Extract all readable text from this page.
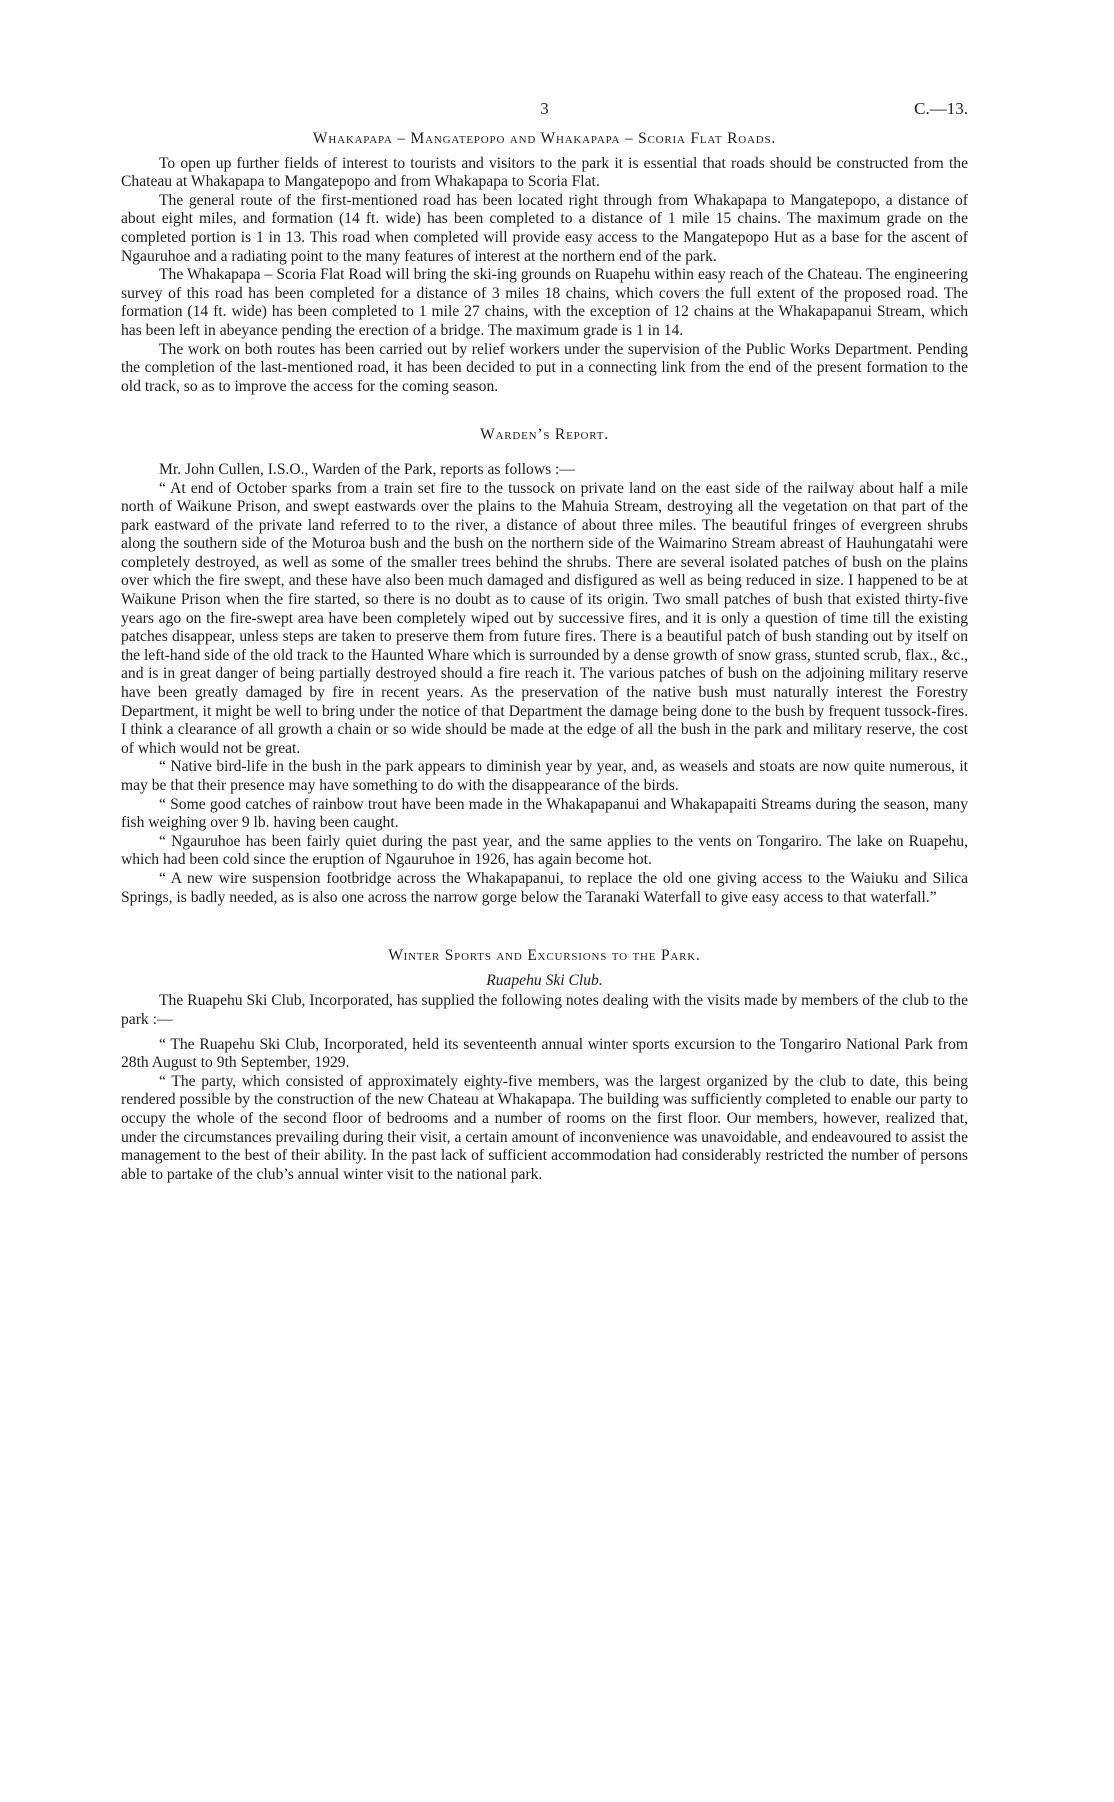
3	C.—13.
Whakapapa – Mangatepopo and Whakapapa – Scoria Flat Roads.

To open up further fields of interest to tourists and visitors to the park it is essential that roads should be constructed from the Chateau at Whakapapa to Mangatepopo and from Whakapapa to Scoria Flat.

The general route of the first-mentioned road has been located right through from Whakapapa to Mangatepopo, a distance of about eight miles, and formation (14 ft. wide) has been completed to a distance of 1 mile 15 chains. The maximum grade on the completed portion is 1 in 13. This road when completed will provide easy access to the Mangatepopo Hut as a base for the ascent of Ngauruhoe and a radiating point to the many features of interest at the northern end of the park.

The Whakapapa – Scoria Flat Road will bring the ski-ing grounds on Ruapehu within easy reach of the Chateau. The engineering survey of this road has been completed for a distance of 3 miles 18 chains, which covers the full extent of the proposed road. The formation (14 ft. wide) has been completed to 1 mile 27 chains, with the exception of 12 chains at the Whakapapanui Stream, which has been left in abeyance pending the erection of a bridge. The maximum grade is 1 in 14.

The work on both routes has been carried out by relief workers under the supervision of the Public Works Department. Pending the completion of the last-mentioned road, it has been decided to put in a connecting link from the end of the present formation to the old track, so as to improve the access for the coming season.

Warden’s Report.

Mr. John Cullen, I.S.O., Warden of the Park, reports as follows :—

“ At end of October sparks from a train set fire to the tussock on private land on the east side of the railway about half a mile north of Waikune Prison, and swept eastwards over the plains to the Mahuia Stream, destroying all the vegetation on that part of the park eastward of the private land referred to to the river, a distance of about three miles. The beautiful fringes of evergreen shrubs along the southern side of the Moturoa bush and the bush on the northern side of the Waimarino Stream abreast of Hauhungatahi were completely destroyed, as well as some of the smaller trees behind the shrubs. There are several isolated patches of bush on the plains over which the fire swept, and these have also been much damaged and disfigured as well as being reduced in size. I happened to be at Waikune Prison when the fire started, so there is no doubt as to cause of its origin. Two small patches of bush that existed thirty-five years ago on the fire-swept area have been completely wiped out by successive fires, and it is only a question of time till the existing patches disappear, unless steps are taken to preserve them from future fires. There is a beautiful patch of bush standing out by itself on the left-hand side of the old track to the Haunted Whare which is surrounded by a dense growth of snow grass, stunted scrub, flax., &c., and is in great danger of being partially destroyed should a fire reach it. The various patches of bush on the adjoining military reserve have been greatly damaged by fire in recent years. As the preservation of the native bush must naturally interest the Forestry Department, it might be well to bring under the notice of that Department the damage being done to the bush by frequent tussock-fires. I think a clearance of all growth a chain or so wide should be made at the edge of all the bush in the park and military reserve, the cost of which would not be great.

“ Native bird-life in the bush in the park appears to diminish year by year, and, as weasels and stoats are now quite numerous, it may be that their presence may have something to do with the disappearance of the birds.

“ Some good catches of rainbow trout have been made in the Whakapapanui and Whakapapaiti Streams during the season, many fish weighing over 9 lb. having been caught.

“ Ngauruhoe has been fairly quiet during the past year, and the same applies to the vents on Tongariro. The lake on Ruapehu, which had been cold since the eruption of Ngauruhoe in 1926, has again become hot.

“ A new wire suspension footbridge across the Whakapapanui, to replace the old one giving access to the Waiuku and Silica Springs, is badly needed, as is also one across the narrow gorge below the Taranaki Waterfall to give easy access to that waterfall.”

Winter Sports and Excursions to the Park.
Ruapehu Ski Club.

The Ruapehu Ski Club, Incorporated, has supplied the following notes dealing with the visits made by members of the club to the park :—

“ The Ruapehu Ski Club, Incorporated, held its seventeenth annual winter sports excursion to the Tongariro National Park from 28th August to 9th September, 1929.

“ The party, which consisted of approximately eighty-five members, was the largest organized by the club to date, this being rendered possible by the construction of the new Chateau at Whakapapa. The building was sufficiently completed to enable our party to occupy the whole of the second floor of bedrooms and a number of rooms on the first floor. Our members, however, realized that, under the circumstances prevailing during their visit, a certain amount of inconvenience was unavoidable, and endeavoured to assist the management to the best of their ability. In the past lack of sufficient accommodation had considerably restricted the number of persons able to partake of the club’s annual winter visit to the national park.
